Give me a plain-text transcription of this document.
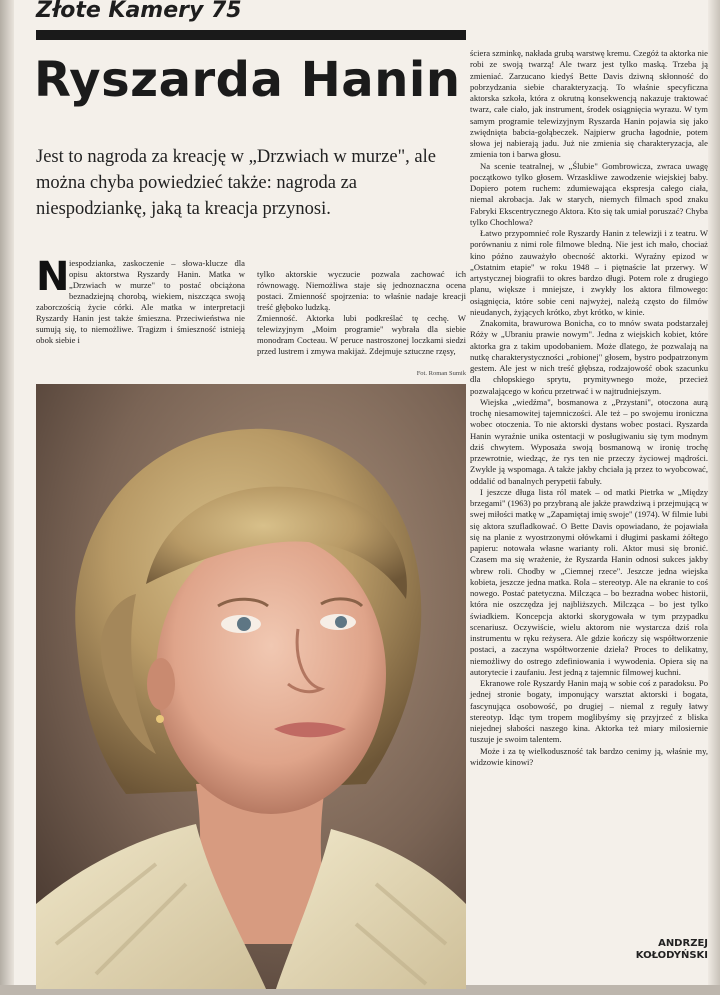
Złote Kamery 75
Ryszarda Hanin
Jest to nagroda za kreację w „Drzwiach w murze", ale można chyba powiedzieć także: nagroda za niespodziankę, jaką ta kreacja przynosi.
Niespodzianka, zaskoczenie – słowa-klucze dla opisu aktorstwa Ryszardy Hanin. Matka w „Drzwiach w murze" to postać obciążona beznadziejną chorobą, wiekiem, niszcząca swoją zaborczością życie córki. Ale matka w interpretacji Ryszardy Hanin jest także śmieszna. Przeciwieństwa nie sumują się, to niemożliwe. Tragizm i śmieszność istnieją obok siebie i

tylko aktorskie wyczucie pozwala zachować ich równowagę. Niemożliwa staje się jednoznaczna ocena postaci. Zmienność spojrzenia: to właśnie nadaje kreacji treść głęboko ludzką.
Zmienność. Aktorka lubi podkreślać tę cechę. W telewizyjnym „Moim programie" wybrała dla siebie monodram Cocteau. W peruce nastroszonej loczkami siedzi przed lustrem i zmywa makijaż. Zdejmuje sztuczne rzęsy,

Fot. Roman Sumik

ściera szminkę, nakłada grubą warstwę kremu. Czegóż ta aktorka nie robi ze swoją twarzą! Ale twarz jest tylko maską. Trzeba ją zmieniać. Zarzucano kiedyś Bette Davis dziwną skłonność do pobrzydzania siebie charakteryzacją. To właśnie specyficzna aktorska szkoła, która z okrutną konsekwencją nakazuje traktować twarz, całe ciało, jak instrument, środek osiągnięcia wyrazu. W tym samym programie telewizyjnym Ryszarda Hanin pojawia się jako zwiędnięta babcia-gołąbeczek. Najpierw grucha łagodnie, potem słowa jej nabierają jadu. Już nie zmienia się charakteryzacja, ale zmienia ton i barwa głosu.

Na scenie teatralnej, w „Ślubie" Gombrowicza, zwraca uwagę początkowo tylko głosem. Wrzaskliwe zawodzenie wiejskiej baby. Dopiero potem ruchem: zdumiewająca ekspresja całego ciała, niemal akrobacja. Jak w starych, niemych filmach spod znaku Fabryki Ekscentrycznego Aktora. Kto się tak umiał poruszać? Chyba tylko Chochlowa?

Łatwo przypomnieć role Ryszardy Hanin z telewizji i z teatru. W porównaniu z nimi role filmowe bledną. Nie jest ich mało, chociaż kino późno zauważyło obecność aktorki. Wyraźny epizod w „Ostatnim etapie" w roku 1948 – i piętnaście lat przerwy. W artystycznej biografii to okres bardzo długi. Potem role z drugiego planu, większe i mniejsze, i zwykły los aktora filmowego: osiągnięcia, które sobie ceni najwyżej, należą często do filmów nieudanych, żyjących krótko, zbyt krótko, w kinie.

Znakomita, brawurowa Bonicha, co to mnów swata podstarzałej Róży w „Ubraniu prawie nowym". Jedna z wiejskich kobiet, które aktorka gra z takim upodobaniem. Może dlatego, że pozwalają na nutkę charakterystyczności „robionej" głosem, bystro podpatrzonym gestem. Ale jest w nich treść głębsza, rodzajowość obok szacunku dla chłopskiego sprytu, prymitywnego może, przecież pozwalającego w końcu przetrwać i w najtrudniejszym.

Wiejska „wiedźma", bosmanowa z „Przystani", otoczona aurą trochę niesamowitej tajemniczości. Ale też – po swojemu ironiczna wobec otoczenia. To nie aktorski dystans wobec postaci. Ryszarda Hanin wyraźnie unika ostentacji w posługiwaniu się tym modnym dziś chwytem. Wyposaża swoją bosmanową w ironię trochę przewrotnie, wiedząc, że rys ten nie przeczy życiowej mądrości. Zwykle ją wspomaga. A także jakby chciała ją przez to wyobcować, oddalić od banalnych perypetii fabuły.

I jeszcze długa lista ról matek – od matki Pietrka w „Między brzegami" (1963) po przybraną ale jakże prawdziwą i przejmującą w swej miłości matkę w „Zapamiętaj imię swoje" (1974). W filmie lubi się aktora szufladkować. O Bette Davis opowiadano, że pojawiała się na planie z wyostrzonymi ołówkami i długimi paskami żółtego papieru: notowała własne warianty roli. Aktor musi się bronić. Czasem ma się wrażenie, że Ryszarda Hanin odnosi sukces jakby wbrew roli. Chodby w „Ciemnej rzece". Jeszcze jedna wiejska kobieta, jeszcze jedna matka. Rola – stereotyp. Ale na ekranie to coś nowego. Postać patetyczna. Milcząca – bo bezradna wobec historii, która nie oszczędza jej najbliższych. Milcząca – bo jest tylko świadkiem. Koncepcja aktorki skorygowała w tym przypadku scenariusz. Oczywiście, wielu aktorom nie wystarcza dziś rola instrumentu w ręku reżysera. Ale gdzie kończy się współtworzenie postaci, a zaczyna współtworzenie dzieła? Proces to delikatny, niemożliwy do ostrego zdefiniowania i wywodenia. Opiera się na autorytecie i zaufaniu. Jest jedną z tajemnic filmowej kuchni.

Ekranowe role Ryszardy Hanin mają w sobie coś z paradoksu. Po jednej stronie bogaty, imponujący warsztat aktorski i bogata, fascynująca osobowość, po drugiej – niemal z reguły łatwy stereotyp. Idąc tym tropem moglibyśmy się przyjrzeć z bliska niejednej słabości naszego kina. Aktorka też miary milosiernie tuszuje je swoim talentem.

Może i za tę wielkoduszność tak bardzo cenimy ją, właśnie my, widzowie kinowi?

ANDRZEJ
KOŁODYŃSKI
